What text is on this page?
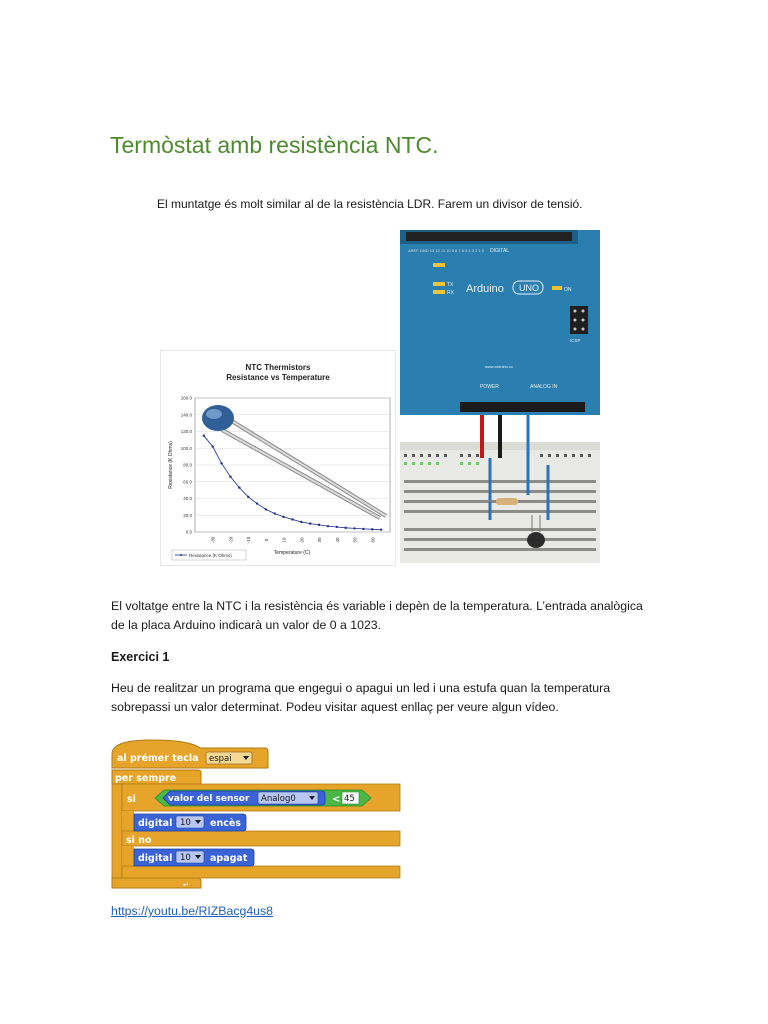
Termòstat amb resistència NTC.
El muntatge és molt similar al de la resistència LDR. Farem un divisor de tensió.
AREF GND 13 12 11 10 9 8 7 6 5 4 3 2 1 0 DIGITAL
TX
RX Arduino UNO	ON
ICSP
www.arduino.cc
POWER	ANALOG IN
NTC Thermistors
Resistance vs Temperature
0.0
20.0
40.0
60.0
80.0
100.0
120.0
140.0
160.0
-30	-20	-10	0	10	20	30	40	50	60
Resistance (K Ohms)
Temperature (C)
Resistance (K Ohms)
El voltatge entre la NTC i la resistència és variable i depèn de la temperatura. L’entrada analògica
de la placa Arduino indicarà un valor de 0 a 1023.
Exercici 1
Heu de realitzar un programa que engegui o apagui un led i una estufa quan la temperatura
sobrepassi un valor determinat. Podeu visitar aquest enllaç per veure algun vídeo.
al prémer tecla espai
per sempre
↵
si
si no
valor del sensor Analog0	< 45
digital 10 encès
digital 10 apagat
https://youtu.be/RIZBacg4us8
